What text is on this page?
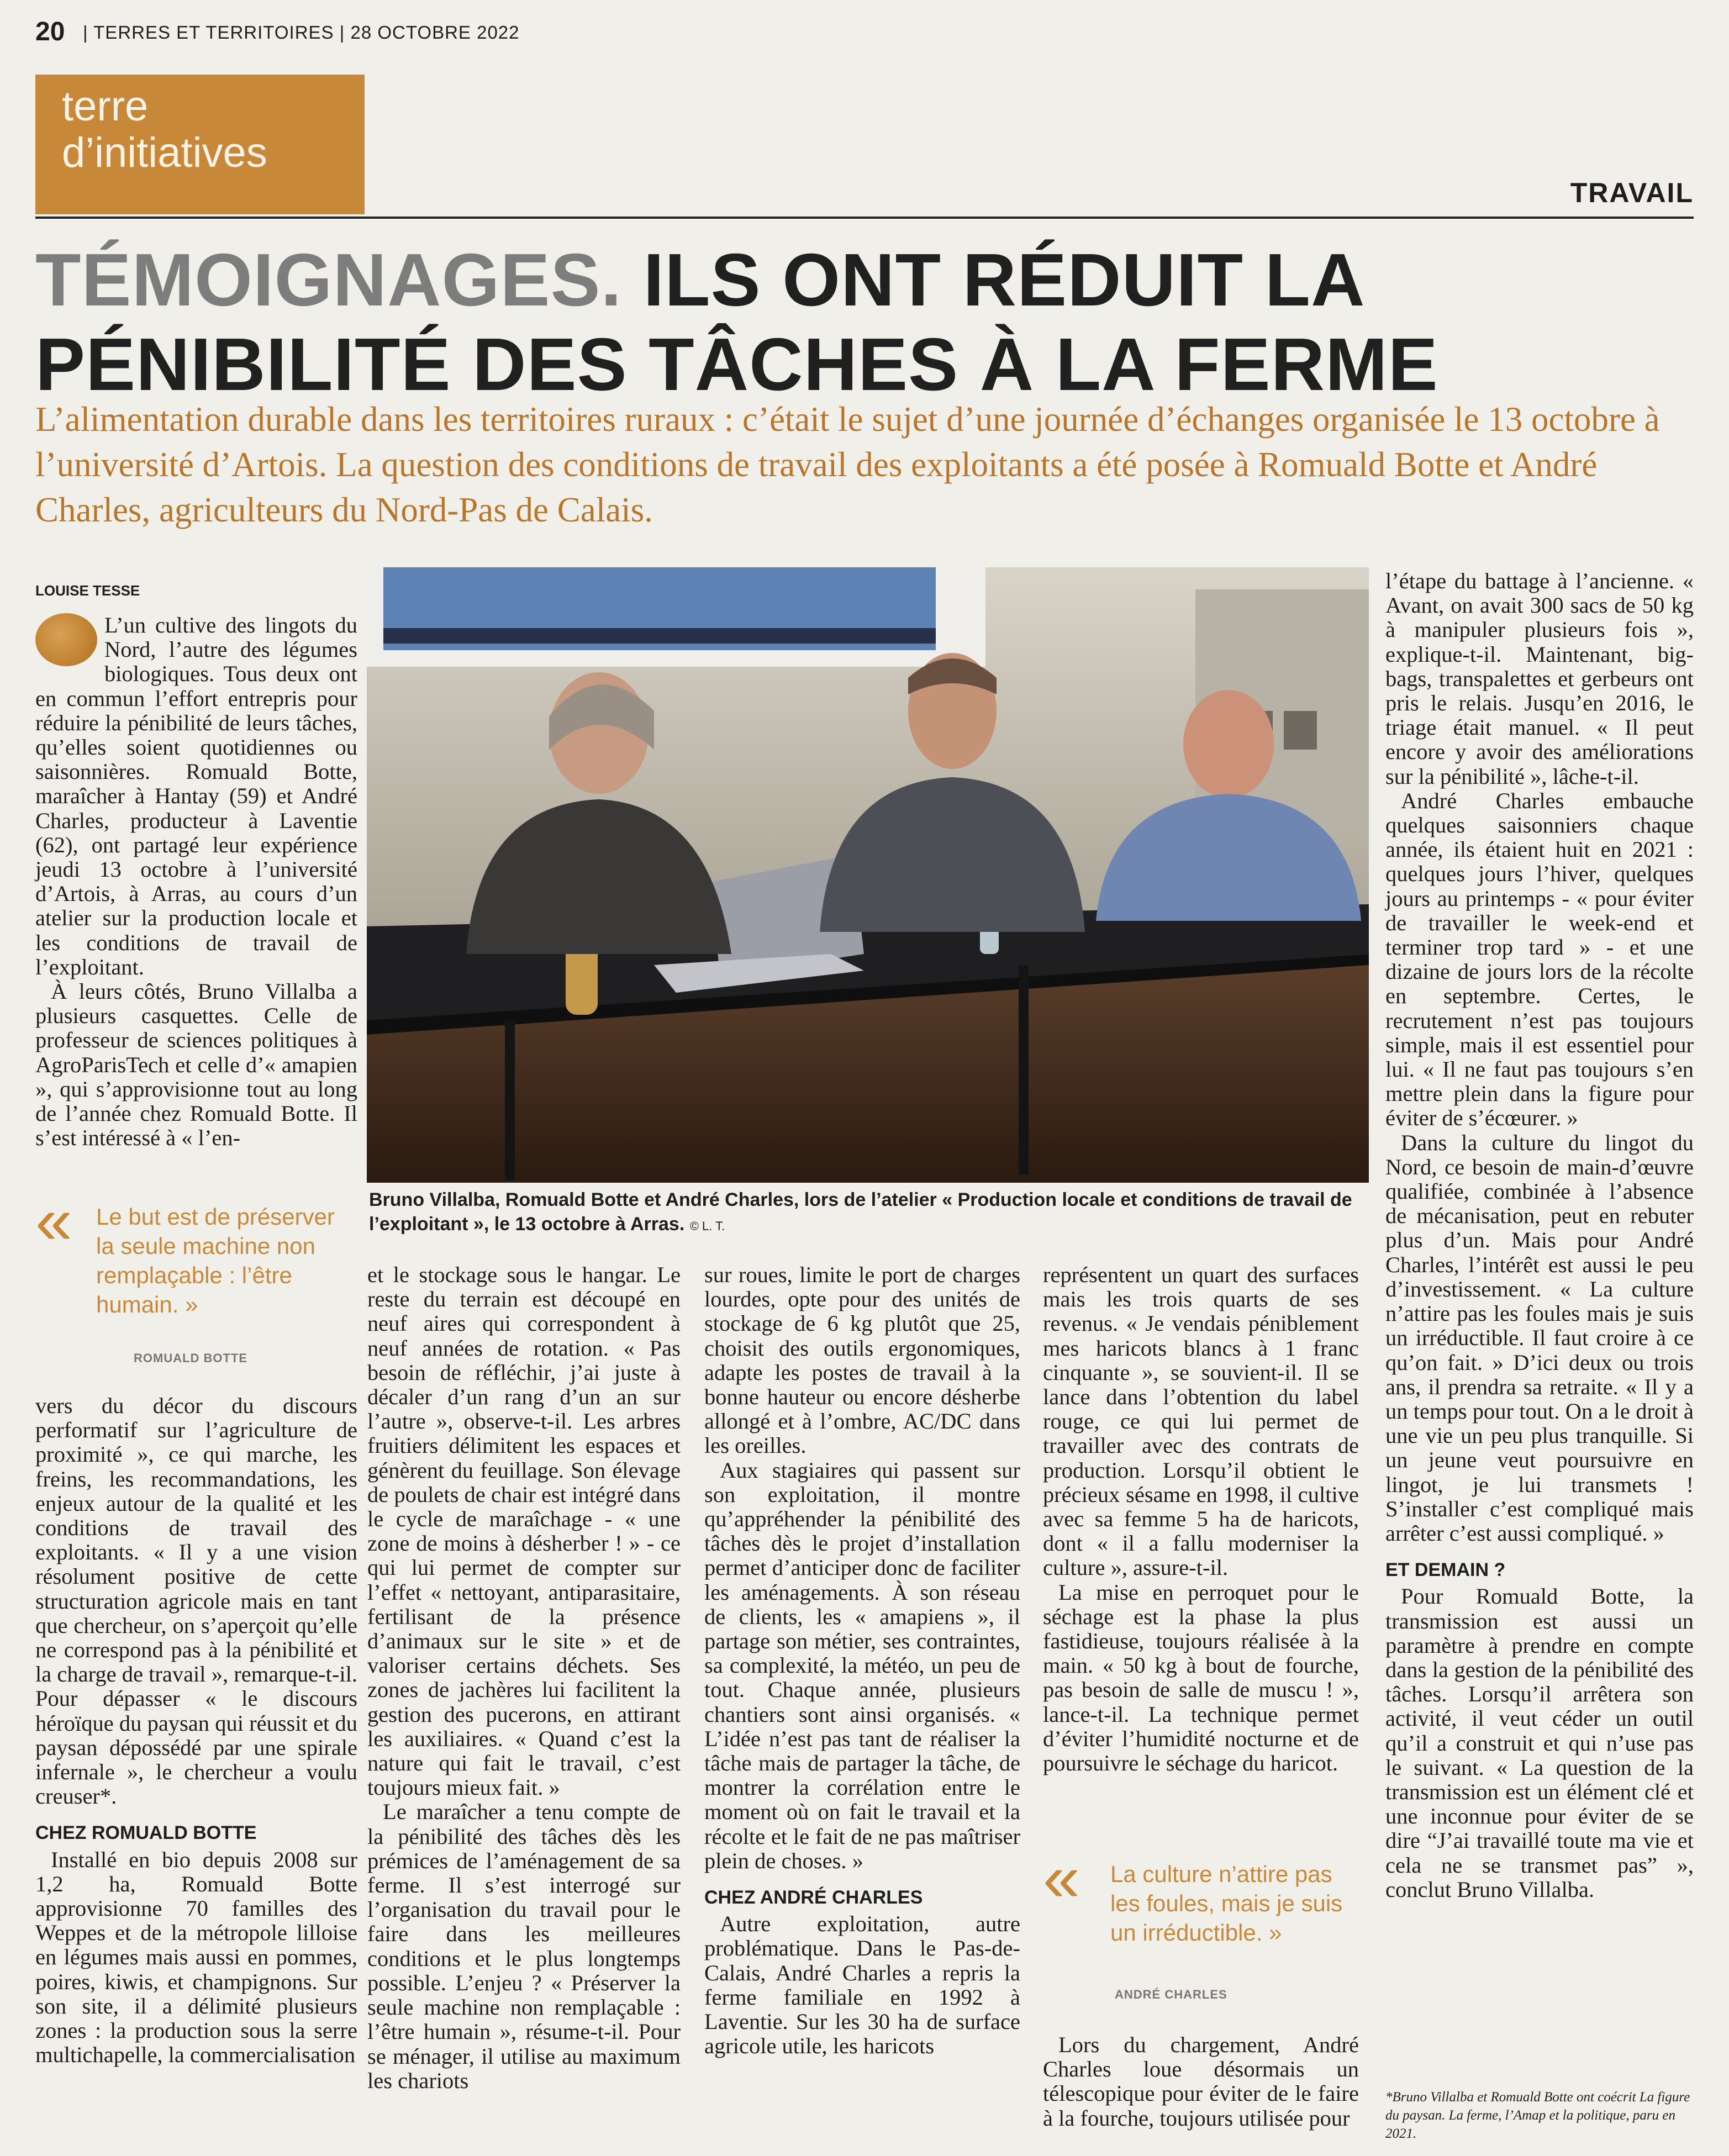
20 | TERRES ET TERRITOIRES | 28 OCTOBRE 2022
terre
d’initiatives
TRAVAIL
TÉMOIGNAGES. ILS ONT RÉDUIT LA
PÉNIBILITÉ DES TÂCHES À LA FERME
L’alimentation durable dans les territoires ruraux : c’était le sujet d’une journée d’échanges organisée le 13 octobre à l’université d’Artois. La question des conditions de travail des exploitants a été posée à Romuald Botte et André Charles, agriculteurs du Nord-Pas de Calais.
LOUISE TESSE

L’un cultive des lingots du Nord, l’autre des légumes biologiques. Tous deux ont en commun l’effort entrepris pour réduire la pénibilité de leurs tâches, qu’elles soient quotidiennes ou saisonnières. Romuald Botte, maraîcher à Hantay (59) et André Charles, producteur à Laventie (62), ont partagé leur expérience jeudi 13 octobre à l’université d’Artois, à Arras, au cours d’un atelier sur la production locale et les conditions de travail de l’exploitant.

À leurs côtés, Bruno Villalba a plusieurs casquettes. Celle de professeur de sciences politiques à AgroParisTech et celle d’« amapien », qui s’approvisionne tout au long de l’année chez Romuald Botte. Il s’est intéressé à « l’en-

« Le but est de préserver la seule machine non remplaçable : l’être humain. »
ROMUALD BOTTE

vers du décor du discours performatif sur l’agriculture de proximité », ce qui marche, les freins, les recommandations, les enjeux autour de la qualité et les conditions de travail des exploitants. « Il y a une vision résolument positive de cette structuration agricole mais en tant que chercheur, on s’aperçoit qu’elle ne correspond pas à la pénibilité et la charge de travail », remarque-t-il. Pour dépasser « le discours héroïque du paysan qui réussit et du paysan dépossédé par une spirale infernale », le chercheur a voulu creuser*.

CHEZ ROMUALD BOTTE

Installé en bio depuis 2008 sur 1,2 ha, Romuald Botte approvisionne 70 familles des Weppes et de la métropole lilloise en légumes mais aussi en pommes, poires, kiwis, et champignons. Sur son site, il a délimité plusieurs zones : la production sous la serre multichapelle, la commercialisation

Bruno Villalba, Romuald Botte et André Charles, lors de l’atelier « Production locale et conditions de travail de l’exploitant », le 13 octobre à Arras. © L. T.

et le stockage sous le hangar. Le reste du terrain est découpé en neuf aires qui correspondent à neuf années de rotation. « Pas besoin de réfléchir, j’ai juste à décaler d’un rang d’un an sur l’autre », observe-t-il. Les arbres fruitiers délimitent les espaces et génèrent du feuillage. Son élevage de poulets de chair est intégré dans le cycle de maraîchage - « une zone de moins à désherber ! » - ce qui lui permet de compter sur l’effet « nettoyant, antiparasitaire, fertilisant de la présence d’animaux sur le site » et de valoriser certains déchets. Ses zones de jachères lui facilitent la gestion des pucerons, en attirant les auxiliaires. « Quand c’est la nature qui fait le travail, c’est toujours mieux fait. »

Le maraîcher a tenu compte de la pénibilité des tâches dès les prémices de l’aménagement de sa ferme. Il s’est interrogé sur l’organisation du travail pour le faire dans les meilleures conditions et le plus longtemps possible. L’enjeu ? « Préserver la seule machine non remplaçable : l’être humain », résume-t-il. Pour se ménager, il utilise au maximum les chariots

sur roues, limite le port de charges lourdes, opte pour des unités de stockage de 6 kg plutôt que 25, choisit des outils ergonomiques, adapte les postes de travail à la bonne hauteur ou encore désherbe allongé et à l’ombre, AC/DC dans les oreilles.

Aux stagiaires qui passent sur son exploitation, il montre qu’appréhender la pénibilité des tâches dès le projet d’installation permet d’anticiper donc de faciliter les aménagements. À son réseau de clients, les « amapiens », il partage son métier, ses contraintes, sa complexité, la météo, un peu de tout. Chaque année, plusieurs chantiers sont ainsi organisés. « L’idée n’est pas tant de réaliser la tâche mais de partager la tâche, de montrer la corrélation entre le moment où on fait le travail et la récolte et le fait de ne pas maîtriser plein de choses. »

CHEZ ANDRÉ CHARLES

Autre exploitation, autre problématique. Dans le Pas-de-Calais, André Charles a repris la ferme familiale en 1992 à Laventie. Sur les 30 ha de surface agricole utile, les haricots

représentent un quart des surfaces mais les trois quarts de ses revenus. « Je vendais péniblement mes haricots blancs à 1 franc cinquante », se souvient-il. Il se lance dans l’obtention du label rouge, ce qui lui permet de travailler avec des contrats de production. Lorsqu’il obtient le précieux sésame en 1998, il cultive avec sa femme 5 ha de haricots, dont « il a fallu moderniser la culture », assure-t-il.

La mise en perroquet pour le séchage est la phase la plus fastidieuse, toujours réalisée à la main. « 50 kg à bout de fourche, pas besoin de salle de muscu ! », lance-t-il. La technique permet d’éviter l’humidité nocturne et de poursuivre le séchage du haricot.

« La culture n’attire pas les foules, mais je suis un irréductible. »
ANDRÉ CHARLES

Lors du chargement, André Charles loue désormais un télescopique pour éviter de le faire à la fourche, toujours utilisée pour

l’étape du battage à l’ancienne. « Avant, on avait 300 sacs de 50 kg à manipuler plusieurs fois », explique-t-il. Maintenant, big-bags, transpalettes et gerbeurs ont pris le relais. Jusqu’en 2016, le triage était manuel. « Il peut encore y avoir des améliorations sur la pénibilité », lâche-t-il.

André Charles embauche quelques saisonniers chaque année, ils étaient huit en 2021 : quelques jours l’hiver, quelques jours au printemps - « pour éviter de travailler le week-end et terminer trop tard » - et une dizaine de jours lors de la récolte en septembre. Certes, le recrutement n’est pas toujours simple, mais il est essentiel pour lui. « Il ne faut pas toujours s’en mettre plein dans la figure pour éviter de s’écœurer. »

Dans la culture du lingot du Nord, ce besoin de main-d’œuvre qualifiée, combinée à l’absence de mécanisation, peut en rebuter plus d’un. Mais pour André Charles, l’intérêt est aussi le peu d’investissement. « La culture n’attire pas les foules mais je suis un irréductible. Il faut croire à ce qu’on fait. » D’ici deux ou trois ans, il prendra sa retraite. « Il y a un temps pour tout. On a le droit à une vie un peu plus tranquille. Si un jeune veut poursuivre en lingot, je lui transmets ! S’installer c’est compliqué mais arrêter c’est aussi compliqué. »

ET DEMAIN ?

Pour Romuald Botte, la transmission est aussi un paramètre à prendre en compte dans la gestion de la pénibilité des tâches. Lorsqu’il arrêtera son activité, il veut céder un outil qu’il a construit et qui n’use pas le suivant. « La question de la transmission est un élément clé et une inconnue pour éviter de se dire “J’ai travaillé toute ma vie et cela ne se transmet pas” », conclut Bruno Villalba.

*Bruno Villalba et Romuald Botte ont coécrit La figure du paysan. La ferme, l’Amap et la politique, paru en 2021.
